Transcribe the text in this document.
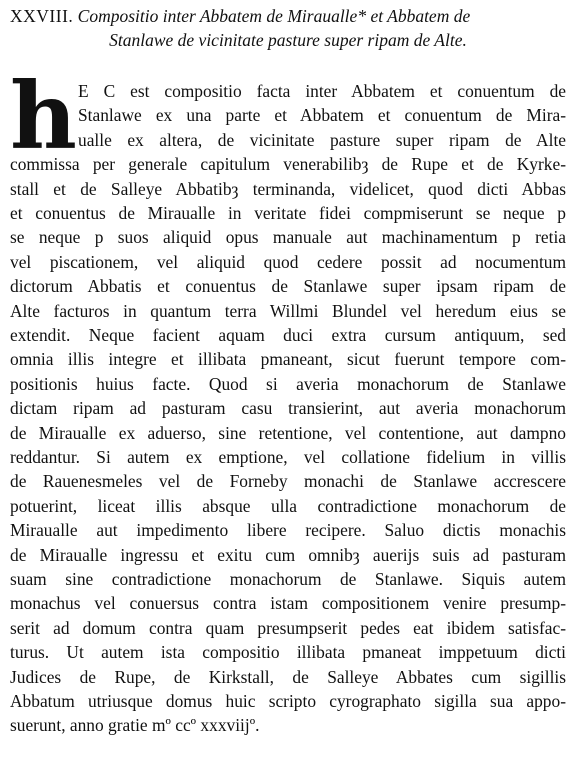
XXVIII. Compositio inter Abbatem de Miraualle* et Abbatem de
Stanlawe de vicinitate pasture super ripam de Alte.
h E C est compositio facta inter Abbatem et conuentum de
Stanlawe ex una parte et Abbatem et conuentum de Mira-
ualle ex altera, de vicinitate pasture super ripam de Alte
commissa per generale capitulum venerabilibȝ de Rupe et de Kyrke-
stall et de Salleye Abbatibȝ terminanda, videlicet, quod dicti Abbas
et conuentus de Miraualle in veritate fidei compmiserunt se neque p
se neque p suos aliquid opus manuale aut machinamentum p retia
vel piscationem, vel aliquid quod cedere possit ad nocumentum
dictorum Abbatis et conuentus de Stanlawe super ipsam ripam de
Alte facturos in quantum terra Willmi Blundel vel heredum eius se
extendit. Neque facient aquam duci extra cursum antiquum, sed
omnia illis integre et illibata pmaneant, sicut fuerunt tempore com-
positionis huius facte. Quod si averia monachorum de Stanlawe
dictam ripam ad pasturam casu transierint, aut averia monachorum
de Miraualle ex aduerso, sine retentione, vel contentione, aut dampno
reddantur. Si autem ex emptione, vel collatione fidelium in villis
de Rauenesmeles vel de Forneby monachi de Stanlawe accrescere
potuerint, liceat illis absque ulla contradictione monachorum de
Miraualle aut impedimento libere recipere. Saluo dictis monachis
de Miraualle ingressu et exitu cum omnibȝ auerijs suis ad pasturam
suam sine contradictione monachorum de Stanlawe. Siquis autem
monachus vel conuersus contra istam compositionem venire presump-
serit ad domum contra quam presumpserit pedes eat ibidem satisfac-
turus. Ut autem ista compositio illibata pmaneat imppetuum dicti
Judices de Rupe, de Kirkstall, de Salleye Abbates cum sigillis
Abbatum utriusque domus huic scripto cyrographato sigilla sua appo-
suerunt, anno gratie mº ccº xxxviijº.
